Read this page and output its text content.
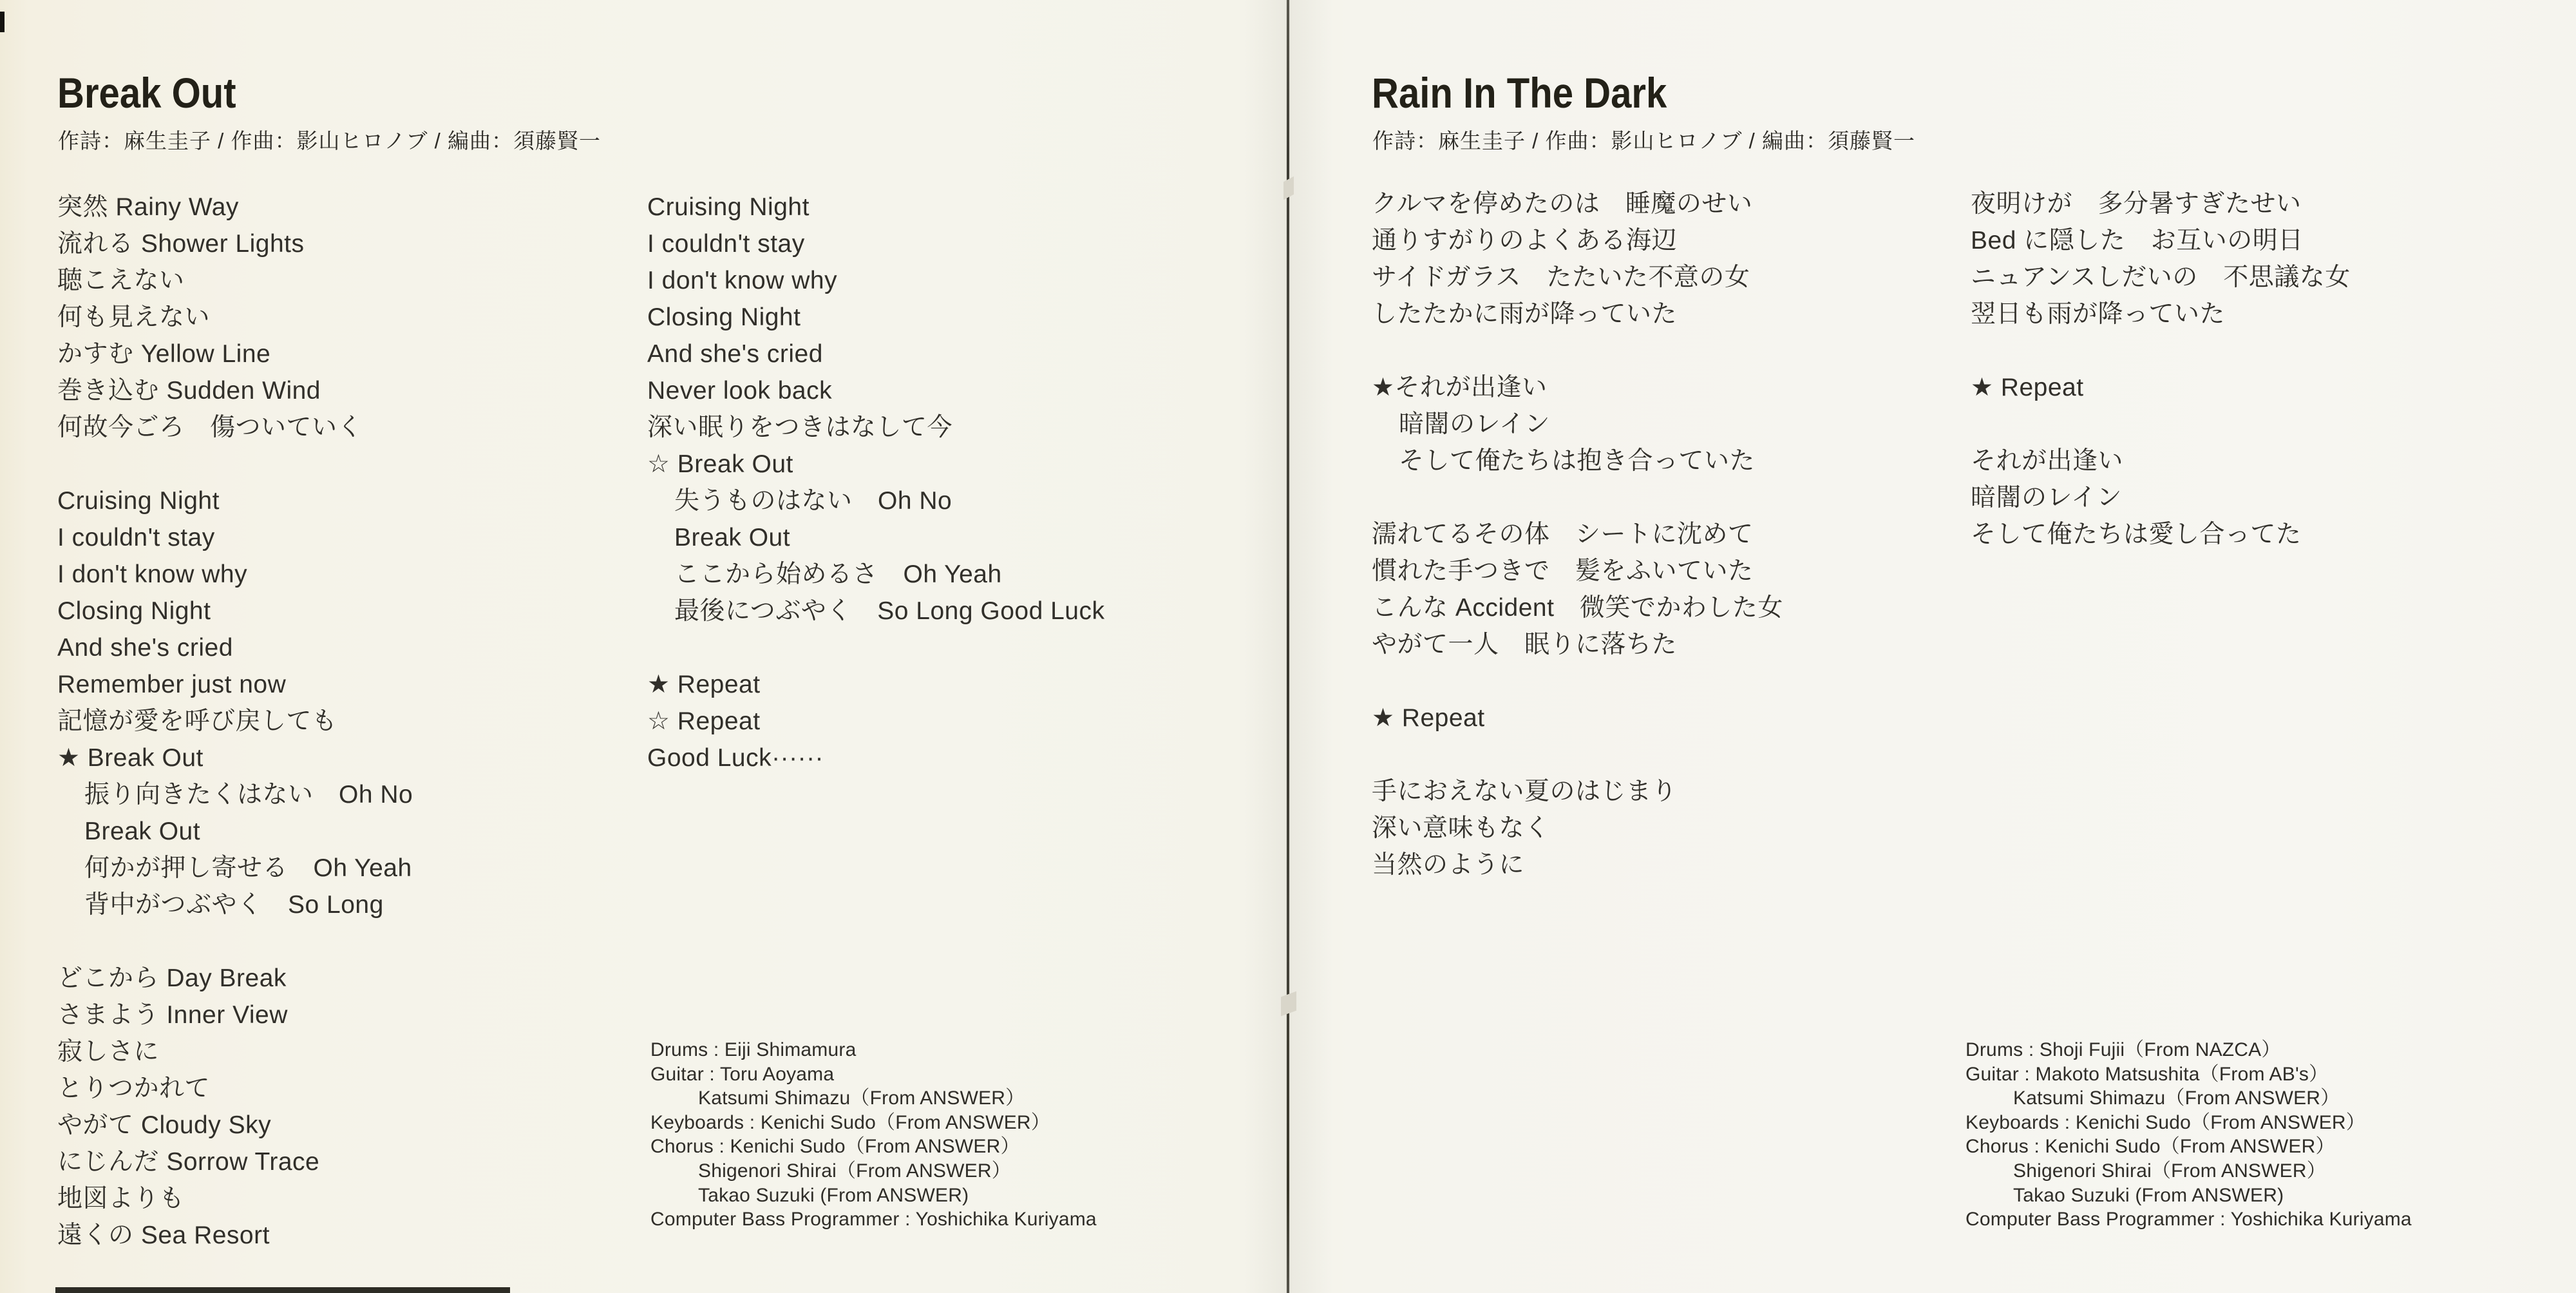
Break Out
作詩：麻生圭子 / 作曲：影山ヒロノブ / 編曲：須藤賢一
突然 Rainy Way
流れる Shower Lights
聴こえない
何も見えない
かすむ Yellow Line
巻き込む Sudden Wind
何故今ごろ　傷ついていく
Cruising Night
I couldn't stay
I don't know why
Closing Night
And she's cried
Remember just now
記憶が愛を呼び戻しても
★ Break Out
振り向きたくはない　Oh No
Break Out
何かが押し寄せる　Oh Yeah
背中がつぶやく　So Long
どこから Day Break
さまよう Inner View
寂しさに
とりつかれて
やがて Cloudy Sky
にじんだ Sorrow Trace
地図よりも
遠くの Sea Resort
Cruising Night
I couldn't stay
I don't know why
Closing Night
And she's cried
Never look back
深い眠りをつきはなして今
☆ Break Out
失うものはない　Oh No
Break Out
ここから始めるさ　Oh Yeah
最後につぶやく　So Long Good Luck
★ Repeat
☆ Repeat
Good Luck······
Drums : Eiji Shimamura
Guitar : Toru Aoyama
Katsumi Shimazu（From ANSWER）
Keyboards : Kenichi Sudo（From ANSWER）
Chorus : Kenichi Sudo（From ANSWER）
Shigenori Shirai（From ANSWER）
Takao Suzuki (From ANSWER)
Computer Bass Programmer : Yoshichika Kuriyama
Rain In The Dark
作詩：麻生圭子 / 作曲：影山ヒロノブ / 編曲：須藤賢一
クルマを停めたのは　睡魔のせい
通りすがりのよくある海辺
サイドガラス　たたいた不意の女
したたかに雨が降っていた
★それが出逢い
暗闇のレイン
そして俺たちは抱き合っていた
濡れてるその体　シートに沈めて
慣れた手つきで　髪をふいていた
こんな Accident　微笑でかわした女
やがて一人　眠りに落ちた
★ Repeat
手におえない夏のはじまり
深い意味もなく
当然のように
夜明けが　多分暑すぎたせい
Bed に隠した　お互いの明日
ニュアンスしだいの　不思議な女
翌日も雨が降っていた
★ Repeat
それが出逢い
暗闇のレイン
そして俺たちは愛し合ってた
Drums : Shoji Fujii（From NAZCA）
Guitar : Makoto Matsushita（From AB's）
Katsumi Shimazu（From ANSWER）
Keyboards : Kenichi Sudo（From ANSWER）
Chorus : Kenichi Sudo（From ANSWER）
Shigenori Shirai（From ANSWER）
Takao Suzuki (From ANSWER)
Computer Bass Programmer : Yoshichika Kuriyama
